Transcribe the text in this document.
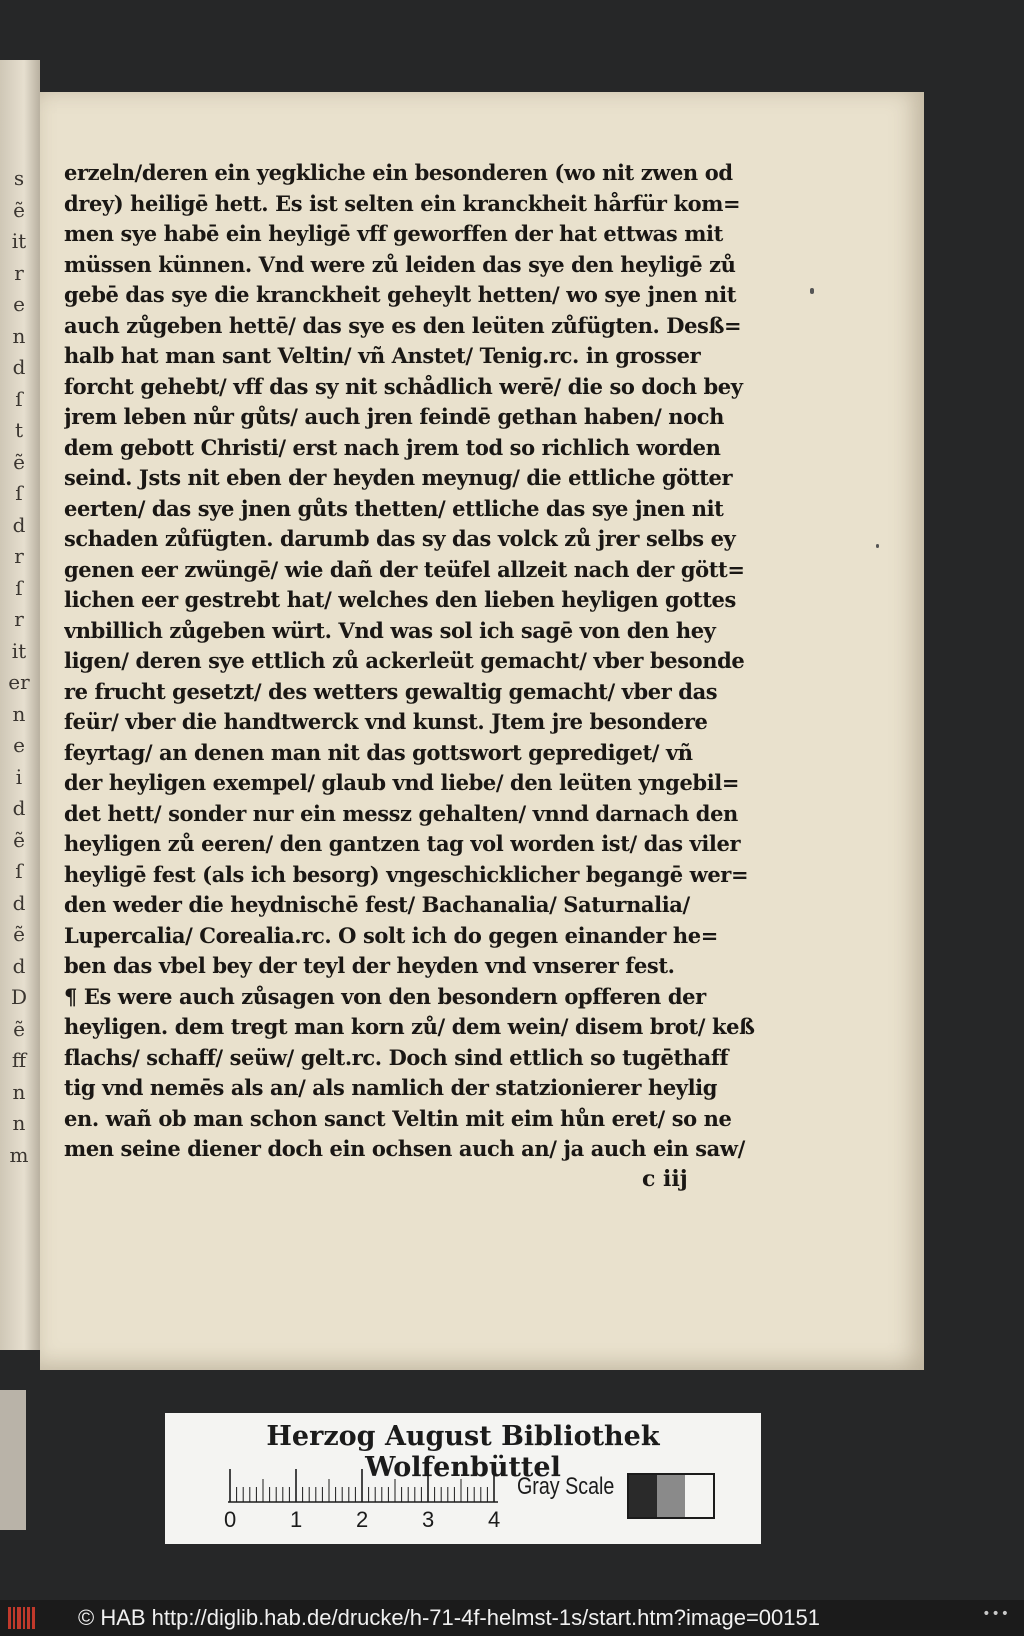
s
ẽ
it
r
e
n
d
ſ
t
ẽ
ſ
d
r
ſ
r
it
er
n
e
i
d
ẽ
ſ
d
ẽ
d
D
ẽ
ff
n
n
m
erzeln/deren ein yegkliche ein besonderen (wo nit zwen od
drey) heiligē hett. Es ist selten ein kranckheit hårfür kom=
men sye habē ein heyligē vff geworffen der hat ettwas mit
müssen künnen. Vnd were zů leiden das sye den heyligē zů
gebē das sye die kranckheit geheylt hetten/ wo sye jnen nit
auch zůgeben hettē/ das sye es den leüten zůfügten. Desß=
halb hat man sant Veltin/ vñ Anstet/ Tenig.rc. in grosser
forcht gehebt/ vff das sy nit schådlich werē/ die so doch bey
jrem leben nůr gůts/ auch jren feindē gethan haben/ noch
dem gebott Christi/ erst nach jrem tod so richlich worden
seind. Jsts nit eben der heyden meynug/ die ettliche götter
eerten/ das sye jnen gůts thetten/ ettliche das sye jnen nit
schaden zůfügten. darumb das sy das volck zů jrer selbs ey
genen eer zwüngē/ wie dañ der teüfel allzeit nach der gött=
lichen eer gestrebt hat/ welches den lieben heyligen gottes
vnbillich zůgeben würt. Vnd was sol ich sagē von den hey
ligen/ deren sye ettlich zů ackerleüt gemacht/ vber besonde
re frucht gesetzt/ des wetters gewaltig gemacht/ vber das
feür/ vber die handtwerck vnd kunst. Jtem jre besondere
feyrtag/ an denen man nit das gottswort geprediget/ vñ
der heyligen exempel/ glaub vnd liebe/ den leüten yngebil=
det hett/ sonder nur ein messz gehalten/ vnnd darnach den
heyligen zů eeren/ den gantzen tag vol worden ist/ das viler
heyligē fest (als ich besorg) vngeschicklicher begangē wer=
den weder die heydnischē fest/ Bachanalia/ Saturnalia/
Lupercalia/ Corealia.rc. O solt ich do gegen einander he=
ben das vbel bey der teyl der heyden vnd vnserer fest.
¶ Es were auch zůsagen von den besondern opfferen der
heyligen. dem tregt man korn zů/ dem wein/ disem brot/ keß
flachs/ schaff/ seüw/ gelt.rc. Doch sind ettlich so tugēthaff
tig vnd nemēs als an/ als namlich der statzionierer heylig
en. wañ ob man schon sanct Veltin mit eim hůn eret/ so ne
men seine diener doch ein ochsen auch an/ ja auch ein saw/
c iij
Herzog August Bibliothek Wolfenbüttel
0 1 2 3 4
Gray Scale
© HAB http://diglib.hab.de/drucke/h-71-4f-helmst-1s/start.htm?image=00151	•••
